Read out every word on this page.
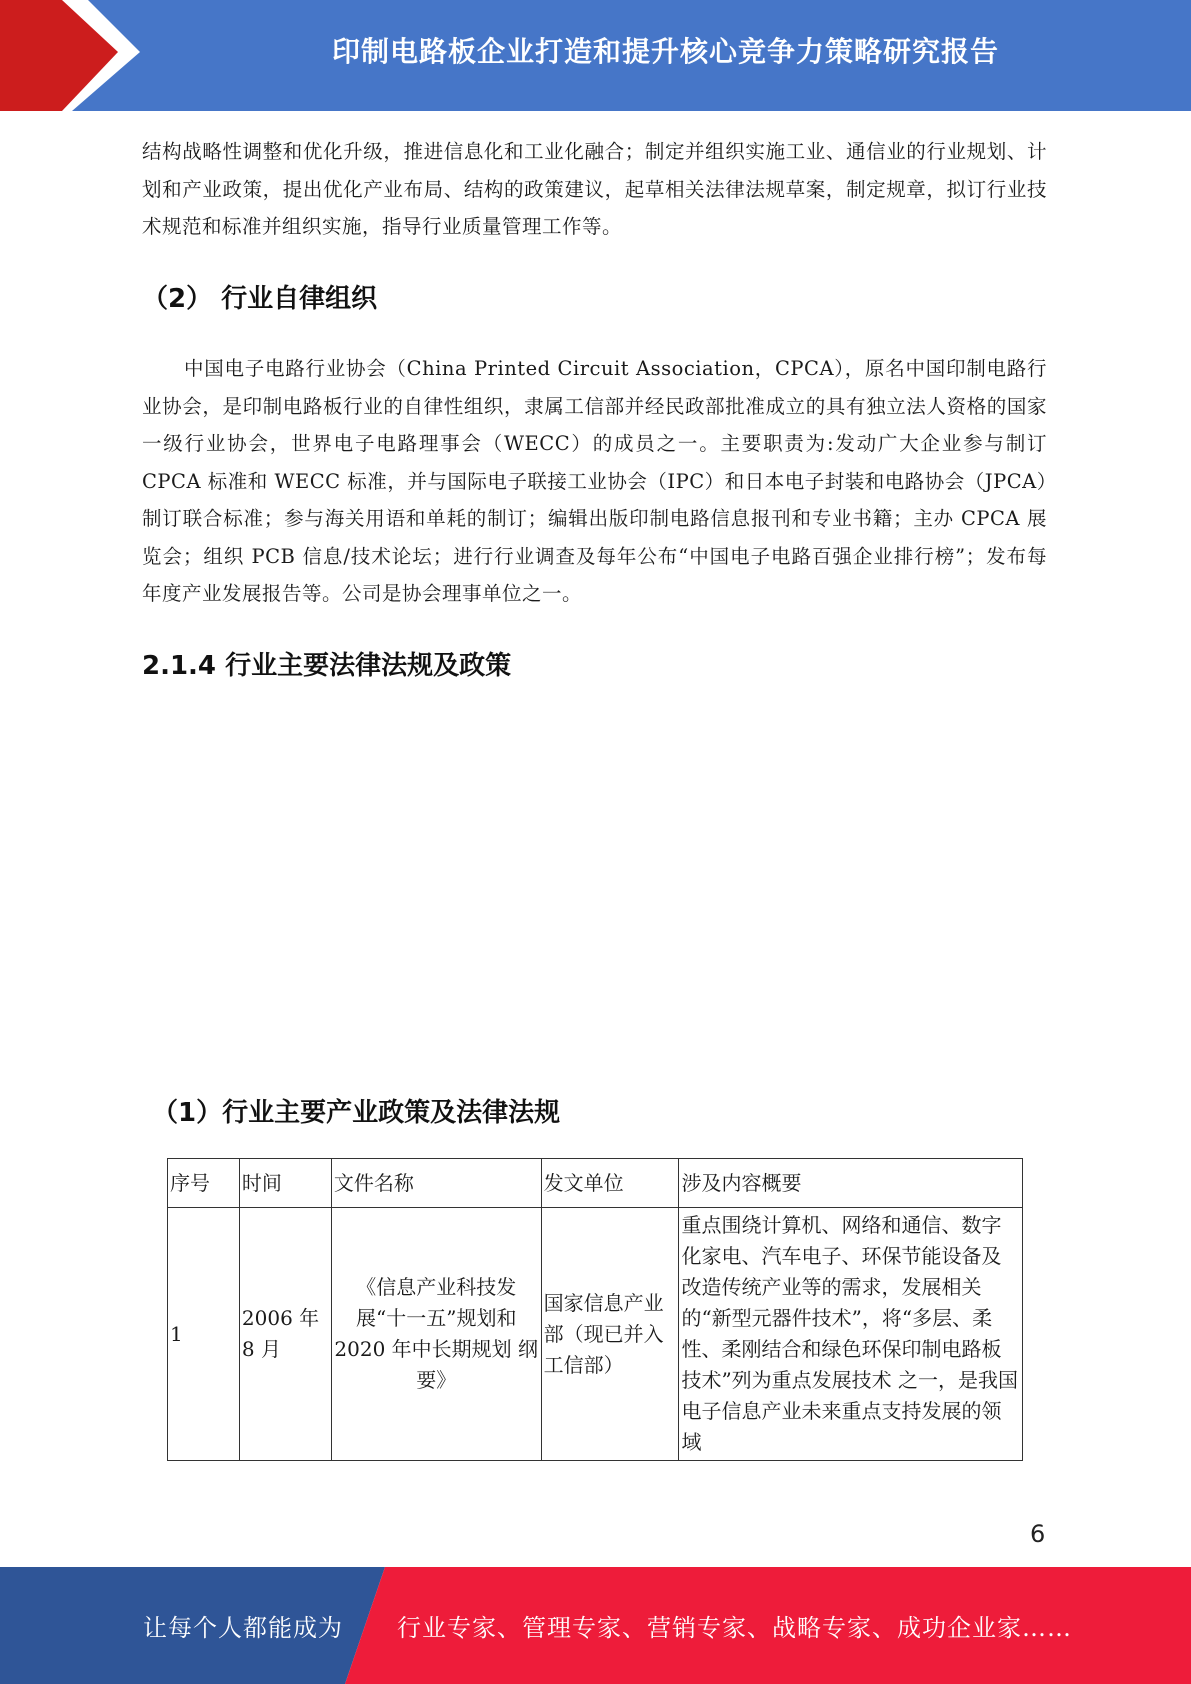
印制电路板企业打造和提升核心竞争力策略研究报告

结构战略性调整和优化升级，推进信息化和工业化融合；制定并组织实施工业、通信业的行业规划、计划和产业政策，提出优化产业布局、结构的政策建议，起草相关法律法规草案，制定规章，拟订行业技术规范和标准并组织实施，指导行业质量管理工作等。

（2） 行业自律组织

中国电子电路行业协会（China Printed Circuit Association，CPCA），原名中国印制电路行业协会，是印制电路板行业的自律性组织，隶属工信部并经民政部批准成立的具有独立法人资格的国家一级行业协会，世界电子电路理事会（WECC）的成员之一。主要职责为:发动广大企业参与制订 CPCA 标准和 WECC 标准，并与国际电子联接工业协会（IPC）和日本电子封装和电路协会（JPCA）制订联合标准；参与海关用语和单耗的制订；编辑出版印制电路信息报刊和专业书籍；主办 CPCA 展览会；组织 PCB 信息/技术论坛；进行行业调查及每年公布“中国电子电路百强企业排行榜”；发布每年度产业发展报告等。公司是协会理事单位之一。

2.1.4 行业主要法律法规及政策
（1）行业主要产业政策及法律法规
序号	时间	文件名称	发文单位	涉及内容概要
1	2006 年 8 月	《信息产业科技发 展“十一五”规划和 2020 年中长期规划 纲要》	国家信息产业部（现已并入工信部）	重点围绕计算机、网络和通信、数字化家电、汽车电子、环保节能设备及改造传统产业等的需求，发展相关的“新型元器件技术”，将“多层、柔性、柔刚结合和绿色环保印制电路板技术”列为重点发展技术 之一，是我国电子信息产业未来重点支持发展的领域
6
让每个人都能成为 行业专家、管理专家、营销专家、战略专家、成功企业家……
